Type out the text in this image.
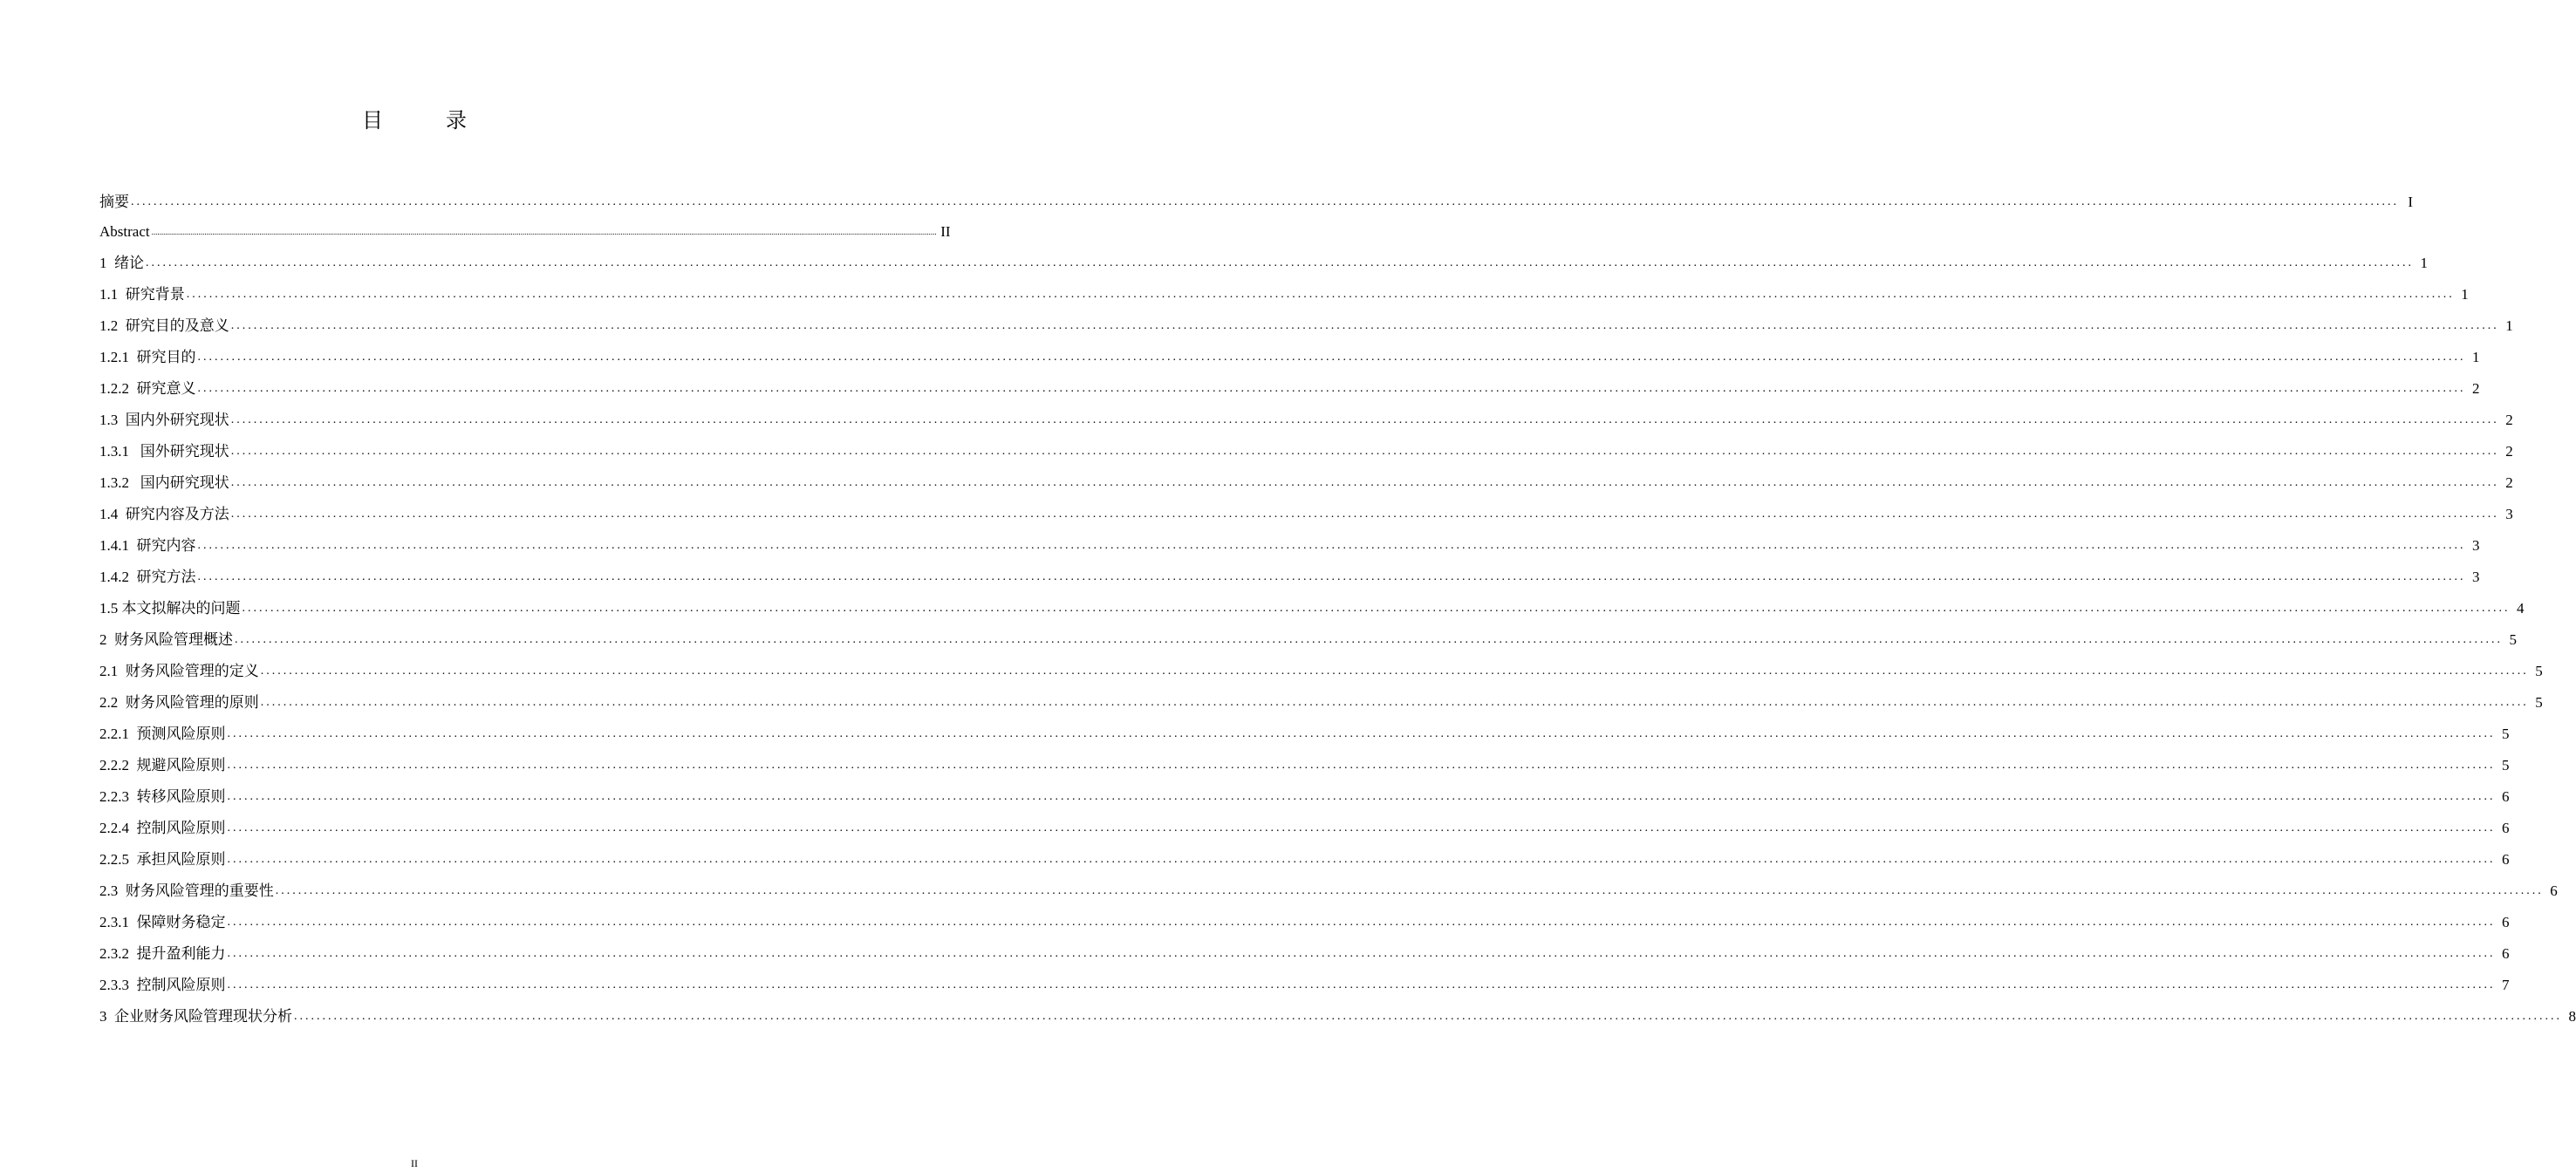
目　录
摘要 ................................................................................................................................................................................................................................................................................................................................................................................................................ I
Abstract ................................................................................................................................................................................................................................................................................................................................................................................................................ II
1  绪论 ................................................................................................................................................................................................................................................................................................................................................................................................................ 1
1.1  研究背景 ................................................................................................................................................................................................................................................................................................................................................................................................................ 1
1.2  研究目的及意义 ................................................................................................................................................................................................................................................................................................................................................................................................................ 1
1.2.1  研究目的 ................................................................................................................................................................................................................................................................................................................................................................................................................ 1
1.2.2  研究意义 ................................................................................................................................................................................................................................................................................................................................................................................................................ 2
1.3  国内外研究现状 ................................................................................................................................................................................................................................................................................................................................................................................................................ 2
1.3.1   国外研究现状 ................................................................................................................................................................................................................................................................................................................................................................................................................ 2
1.3.2   国内研究现状 ................................................................................................................................................................................................................................................................................................................................................................................................................ 2
1.4  研究内容及方法 ................................................................................................................................................................................................................................................................................................................................................................................................................ 3
1.4.1  研究内容 ................................................................................................................................................................................................................................................................................................................................................................................................................ 3
1.4.2  研究方法 ................................................................................................................................................................................................................................................................................................................................................................................................................ 3
1.5 本文拟解决的问题 ................................................................................................................................................................................................................................................................................................................................................................................................................ 4
2  财务风险管理概述 ................................................................................................................................................................................................................................................................................................................................................................................................................ 5
2.1  财务风险管理的定义 ................................................................................................................................................................................................................................................................................................................................................................................................................ 5
2.2  财务风险管理的原则 ................................................................................................................................................................................................................................................................................................................................................................................................................ 5
2.2.1  预测风险原则 ................................................................................................................................................................................................................................................................................................................................................................................................................ 5
2.2.2  规避风险原则 ................................................................................................................................................................................................................................................................................................................................................................................................................ 5
2.2.3  转移风险原则 ................................................................................................................................................................................................................................................................................................................................................................................................................ 6
2.2.4  控制风险原则 ................................................................................................................................................................................................................................................................................................................................................................................................................ 6
2.2.5  承担风险原则 ................................................................................................................................................................................................................................................................................................................................................................................................................ 6
2.3  财务风险管理的重要性 ................................................................................................................................................................................................................................................................................................................................................................................................................ 6
2.3.1  保障财务稳定 ................................................................................................................................................................................................................................................................................................................................................................................................................ 6
2.3.2  提升盈利能力 ................................................................................................................................................................................................................................................................................................................................................................................................................ 6
2.3.3  控制风险原则 ................................................................................................................................................................................................................................................................................................................................................................................................................ 7
3  企业财务风险管理现状分析 ................................................................................................................................................................................................................................................................................................................................................................................................................ 8
II
